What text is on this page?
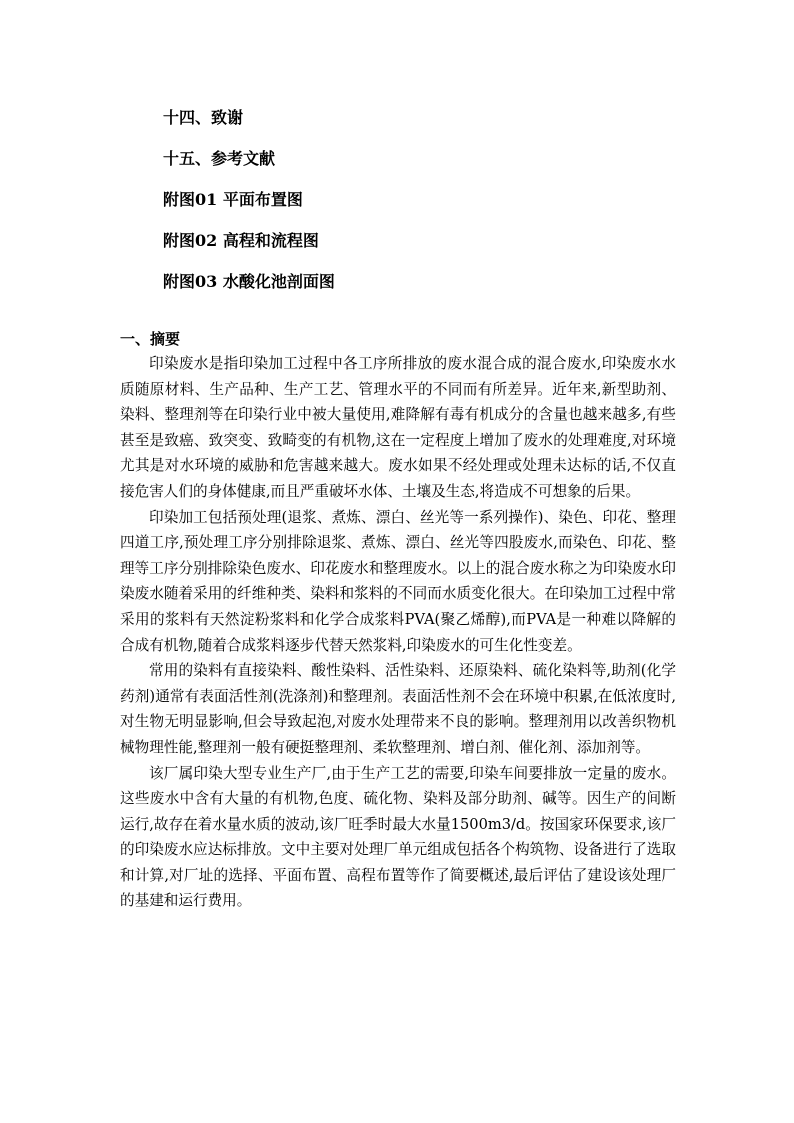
十四、致谢
十五、参考文献
附图01 平面布置图
附图02 高程和流程图
附图03 水酸化池剖面图
一、摘要

印染废水是指印染加工过程中各工序所排放的废水混合成的混合废水,印染废水水质随原材料、生产品种、生产工艺、管理水平的不同而有所差异。近年来,新型助剂、染料、整理剂等在印染行业中被大量使用,难降解有毒有机成分的含量也越来越多,有些甚至是致癌、致突变、致畸变的有机物,这在一定程度上增加了废水的处理难度,对环境尤其是对水环境的威胁和危害越来越大。废水如果不经处理或处理未达标的话,不仅直接危害人们的身体健康,而且严重破坏水体、土壤及生态,将造成不可想象的后果。

印染加工包括预处理(退浆、煮炼、漂白、丝光等一系列操作)、染色、印花、整理四道工序,预处理工序分别排除退浆、煮炼、漂白、丝光等四股废水,而染色、印花、整理等工序分别排除染色废水、印花废水和整理废水。以上的混合废水称之为印染废水印染废水随着采用的纤维种类、染料和浆料的不同而水质变化很大。在印染加工过程中常采用的浆料有天然淀粉浆料和化学合成浆料PVA(聚乙烯醇),而PVA是一种难以降解的合成有机物,随着合成浆料逐步代替天然浆料,印染废水的可生化性变差。

常用的染料有直接染料、酸性染料、活性染料、还原染料、硫化染料等,助剂(化学药剂)通常有表面活性剂(洗涤剂)和整理剂。表面活性剂不会在环境中积累,在低浓度时,对生物无明显影响,但会导致起泡,对废水处理带来不良的影响。整理剂用以改善织物机械物理性能,整理剂一般有硬挺整理剂、柔软整理剂、增白剂、催化剂、添加剂等。

该厂属印染大型专业生产厂,由于生产工艺的需要,印染车间要排放一定量的废水。这些废水中含有大量的有机物,色度、硫化物、染料及部分助剂、碱等。因生产的间断运行,故存在着水量水质的波动,该厂旺季时最大水量1500m3/d。按国家环保要求,该厂的印染废水应达标排放。文中主要对处理厂单元组成包括各个构筑物、设备进行了选取和计算,对厂址的选择、平面布置、高程布置等作了简要概述,最后评估了建设该处理厂的基建和运行费用。
